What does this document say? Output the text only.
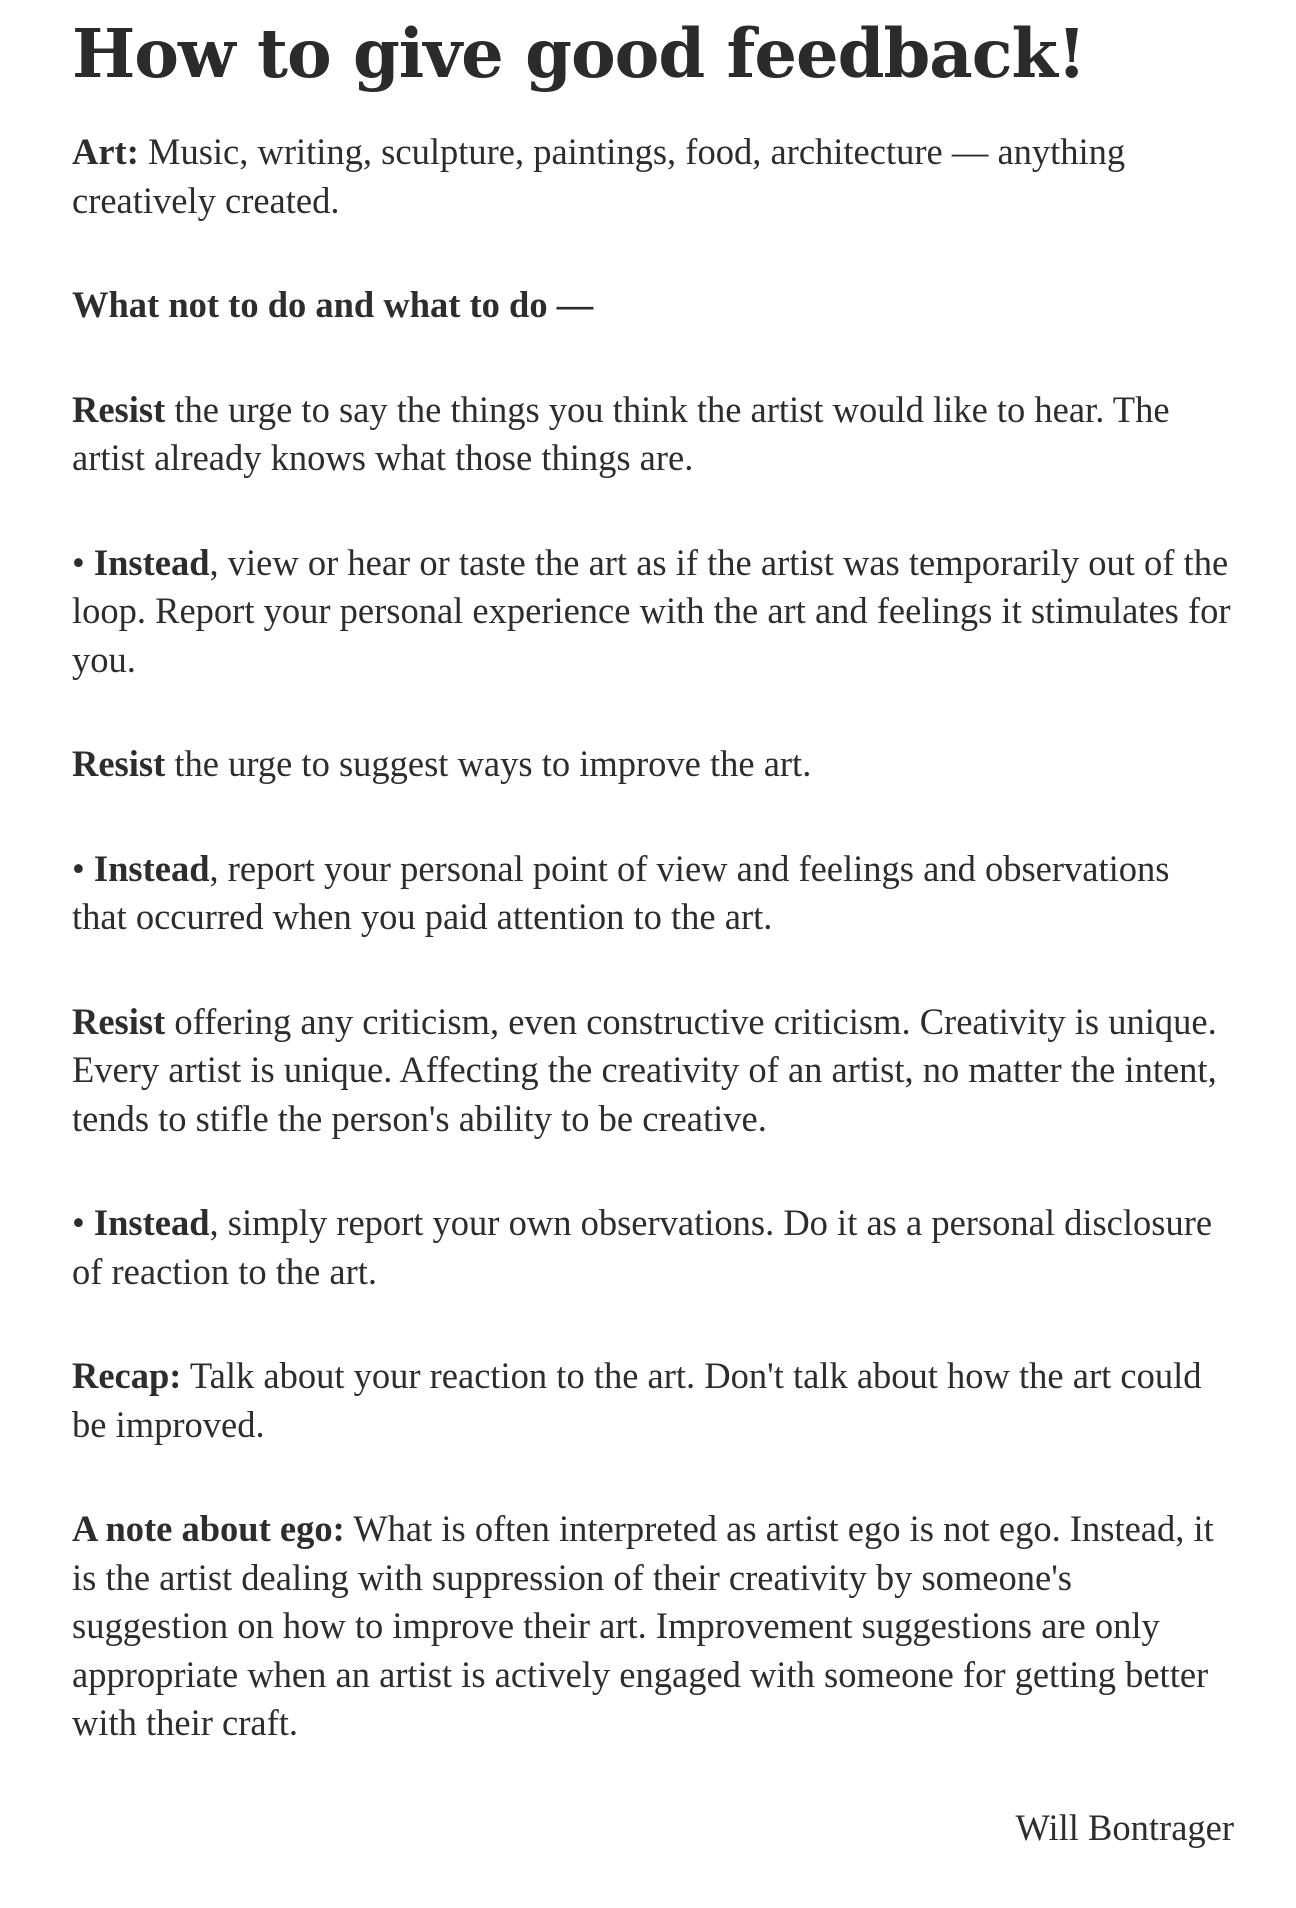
How to give good feedback!

Art: Music, writing, sculpture, paintings, food, architecture — anything creatively created.

What not to do and what to do —

Resist the urge to say the things you think the artist would like to hear. The artist already knows what those things are.

• Instead, view or hear or taste the art as if the artist was temporarily out of the loop. Report your personal experience with the art and feelings it stimulates for you.

Resist the urge to suggest ways to improve the art.

• Instead, report your personal point of view and feelings and observations that occurred when you paid attention to the art.

Resist offering any criticism, even constructive criticism. Creativity is unique. Every artist is unique. Affecting the creativity of an artist, no matter the intent, tends to stifle the person's ability to be creative.

• Instead, simply report your own observations. Do it as a personal disclosure of reaction to the art.

Recap: Talk about your reaction to the art. Don't talk about how the art could be improved.

A note about ego: What is often interpreted as artist ego is not ego. Instead, it is the artist dealing with suppression of their creativity by someone's suggestion on how to improve their art. Improvement suggestions are only appropriate when an artist is actively engaged with someone for getting better with their craft.

Will Bontrager
